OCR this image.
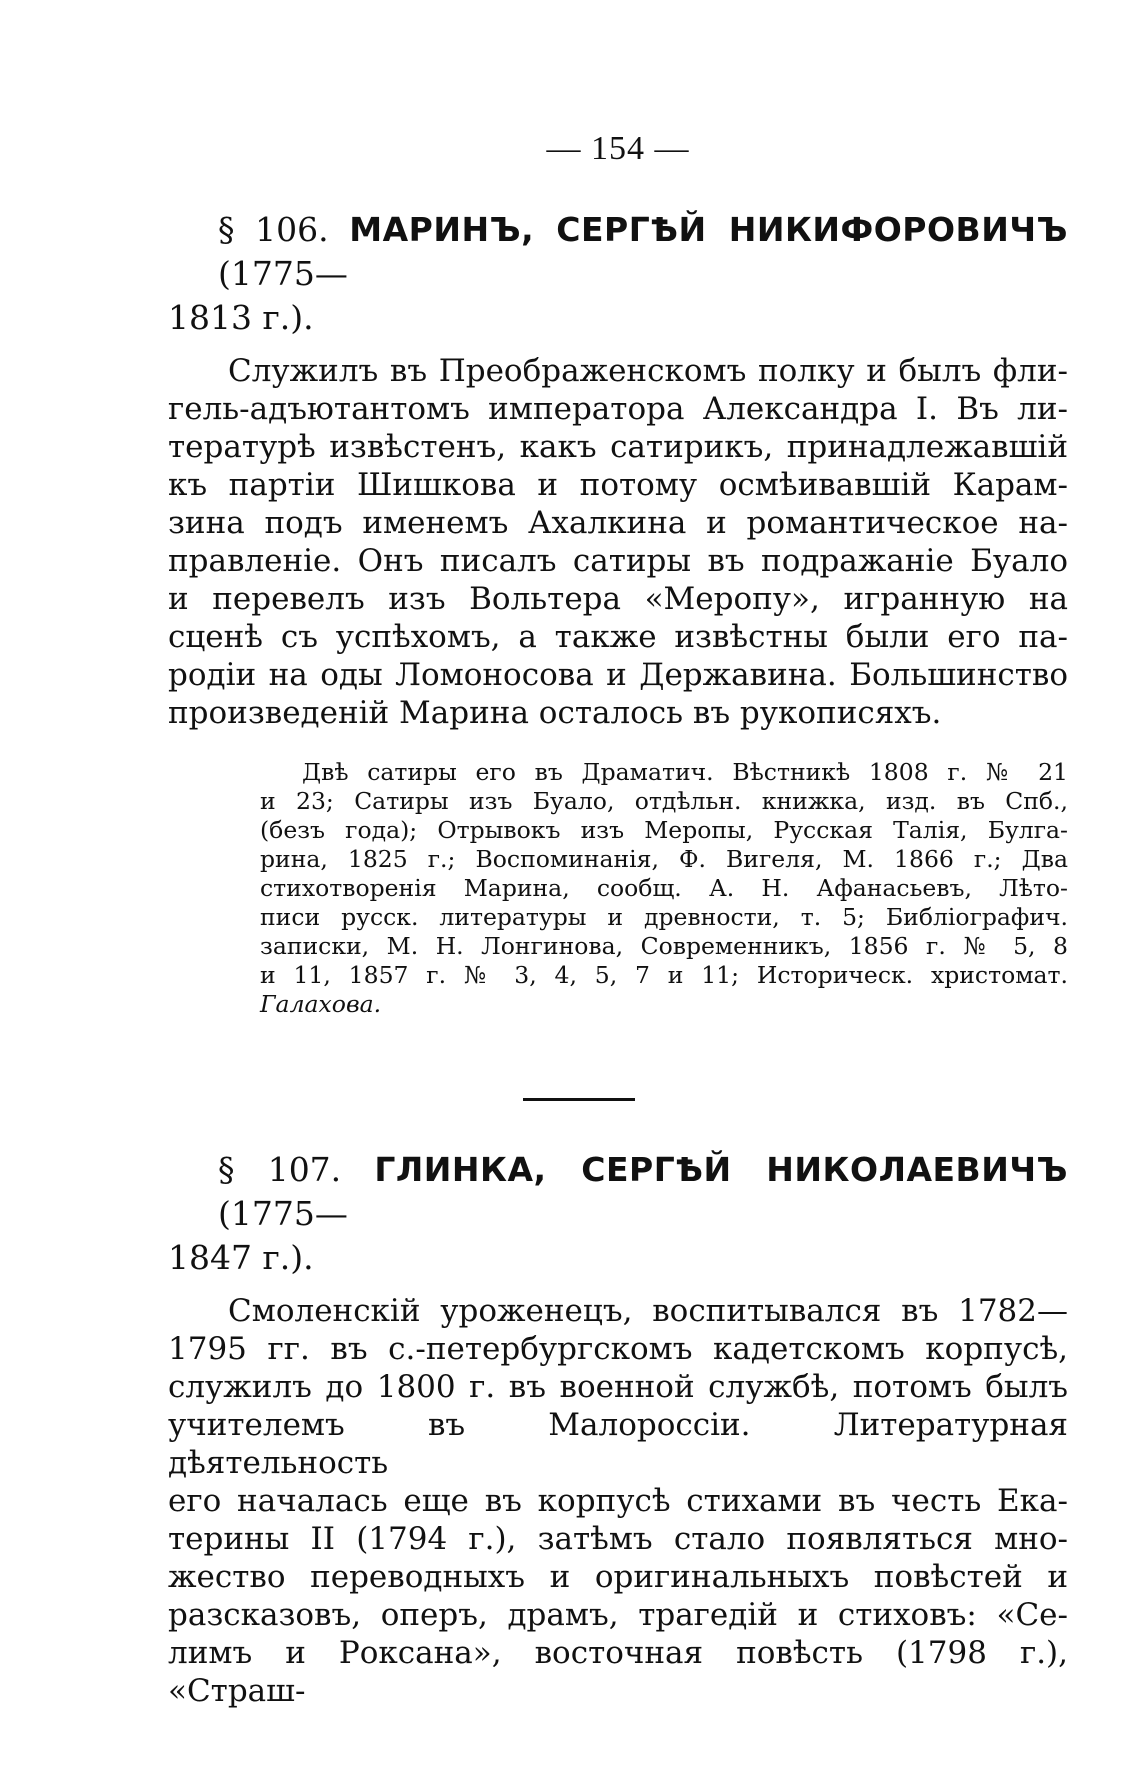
— 154 —
§ 106. МАРИНЪ, СЕРГѢЙ НИКИФОРОВИЧЪ (1775—
1813 г.).

Служилъ въ Преображенскомъ полку и былъ фли-
гель-адъютантомъ императора Александра I. Въ ли-
тературѣ извѣстенъ, какъ сатирикъ, принадлежавшій
къ партіи Шишкова и потому осмѣивавшій Карам-
зина подъ именемъ Ахалкина и романтическое на-
правленіе. Онъ писалъ сатиры въ подражаніе Буало
и перевелъ изъ Вольтера «Меропу», игранную на
сценѣ съ успѣхомъ, а также извѣстны были его па-
родіи на оды Ломоносова и Державина. Большинство
произведеній Марина осталось въ рукописяхъ.

Двѣ сатиры его въ Драматич. Вѣстникѣ 1808 г. № 21
и 23; Сатиры изъ Буало, отдѣльн. книжка, изд. въ Спб.,
(безъ года); Отрывокъ изъ Меропы, Русская Талія, Булга-
рина, 1825 г.; Воспоминанія, Ф. Вигеля, М. 1866 г.; Два
стихотворенія Марина, сообщ. А. Н. Афанасьевъ, Лѣто-
писи русск. литературы и древности, т. 5; Библіографич.
записки, М. Н. Лонгинова, Современникъ, 1856 г. № 5, 8
и 11, 1857 г. № 3, 4, 5, 7 и 11; Историческ. христомат.
Галахова.
§ 107. ГЛИНКА, СЕРГѢЙ НИКОЛАЕВИЧЪ (1775—
1847 г.).

Смоленскій уроженецъ, воспитывался въ 1782—
1795 гг. въ с.-петербургскомъ кадетскомъ корпусѣ,
служилъ до 1800 г. въ военной службѣ, потомъ былъ
учителемъ въ Малороссіи. Литературная дѣятельность
его началась еще въ корпусѣ стихами въ честь Ека-
терины II (1794 г.), затѣмъ стало появляться мно-
жество переводныхъ и оригинальныхъ повѣстей и
разсказовъ, оперъ, драмъ, трагедій и стиховъ: «Се-
лимъ и Роксана», восточная повѣсть (1798 г.), «Страш-
